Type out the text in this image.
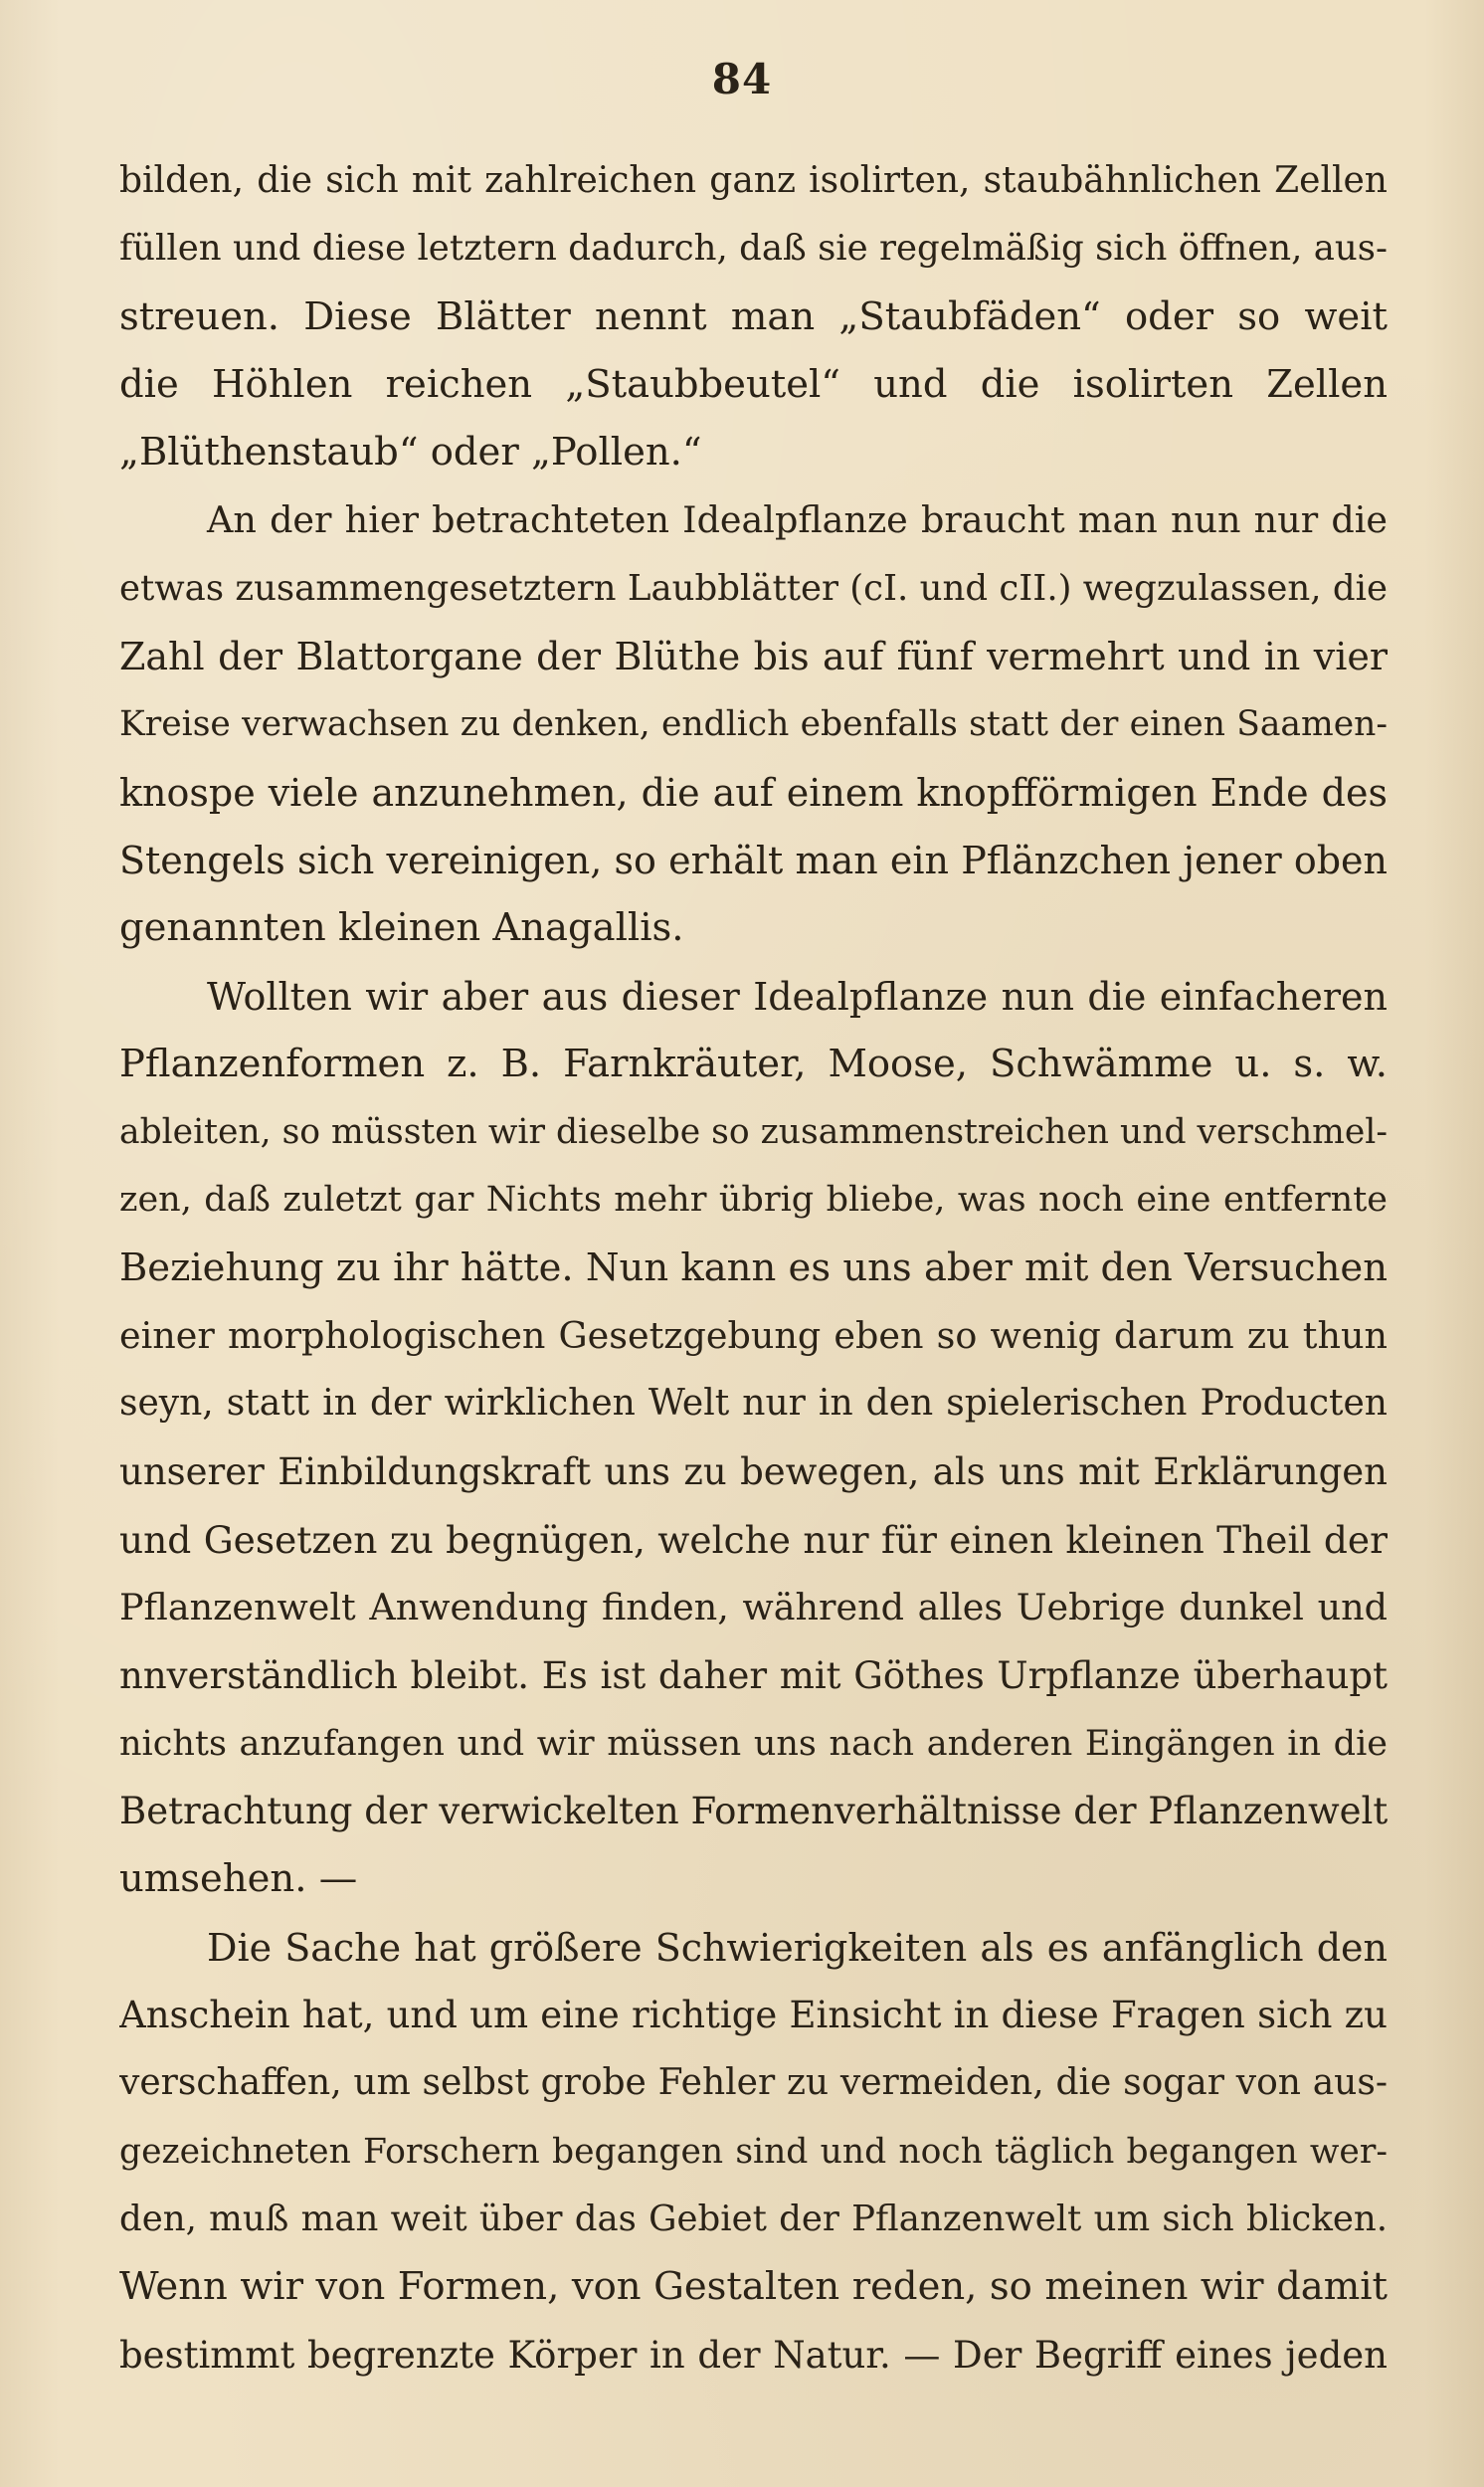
84
bilden, die sich mit zahlreichen ganz isolirten, staubähnlichen Zellen
füllen und diese letztern dadurch, daß sie regelmäßig sich öffnen, aus-
streuen. Diese Blätter nennt man „Staubfäden“ oder so weit
die Höhlen reichen „Staubbeutel“ und die isolirten Zellen
„Blüthenstaub“ oder „Pollen.“
An der hier betrachteten Idealpflanze braucht man nun nur die
etwas zusammengesetztern Laubblätter (cI. und cII.) wegzulassen, die
Zahl der Blattorgane der Blüthe bis auf fünf vermehrt und in vier
Kreise verwachsen zu denken, endlich ebenfalls statt der einen Saamen-
knospe viele anzunehmen, die auf einem knopfförmigen Ende des
Stengels sich vereinigen, so erhält man ein Pflänzchen jener oben
genannten kleinen Anagallis.
Wollten wir aber aus dieser Idealpflanze nun die einfacheren
Pflanzenformen z. B. Farnkräuter, Moose, Schwämme u. s. w.
ableiten, so müssten wir dieselbe so zusammenstreichen und verschmel-
zen, daß zuletzt gar Nichts mehr übrig bliebe, was noch eine entfernte
Beziehung zu ihr hätte. Nun kann es uns aber mit den Versuchen
einer morphologischen Gesetzgebung eben so wenig darum zu thun
seyn, statt in der wirklichen Welt nur in den spielerischen Producten
unserer Einbildungskraft uns zu bewegen, als uns mit Erklärungen
und Gesetzen zu begnügen, welche nur für einen kleinen Theil der
Pflanzenwelt Anwendung finden, während alles Uebrige dunkel und
nnverständlich bleibt. Es ist daher mit Göthes Urpflanze überhaupt
nichts anzufangen und wir müssen uns nach anderen Eingängen in die
Betrachtung der verwickelten Formenverhältnisse der Pflanzenwelt
umsehen. —
Die Sache hat größere Schwierigkeiten als es anfänglich den
Anschein hat, und um eine richtige Einsicht in diese Fragen sich zu
verschaffen, um selbst grobe Fehler zu vermeiden, die sogar von aus-
gezeichneten Forschern begangen sind und noch täglich begangen wer-
den, muß man weit über das Gebiet der Pflanzenwelt um sich blicken.
Wenn wir von Formen, von Gestalten reden, so meinen wir damit
bestimmt begrenzte Körper in der Natur. — Der Begriff eines jeden
